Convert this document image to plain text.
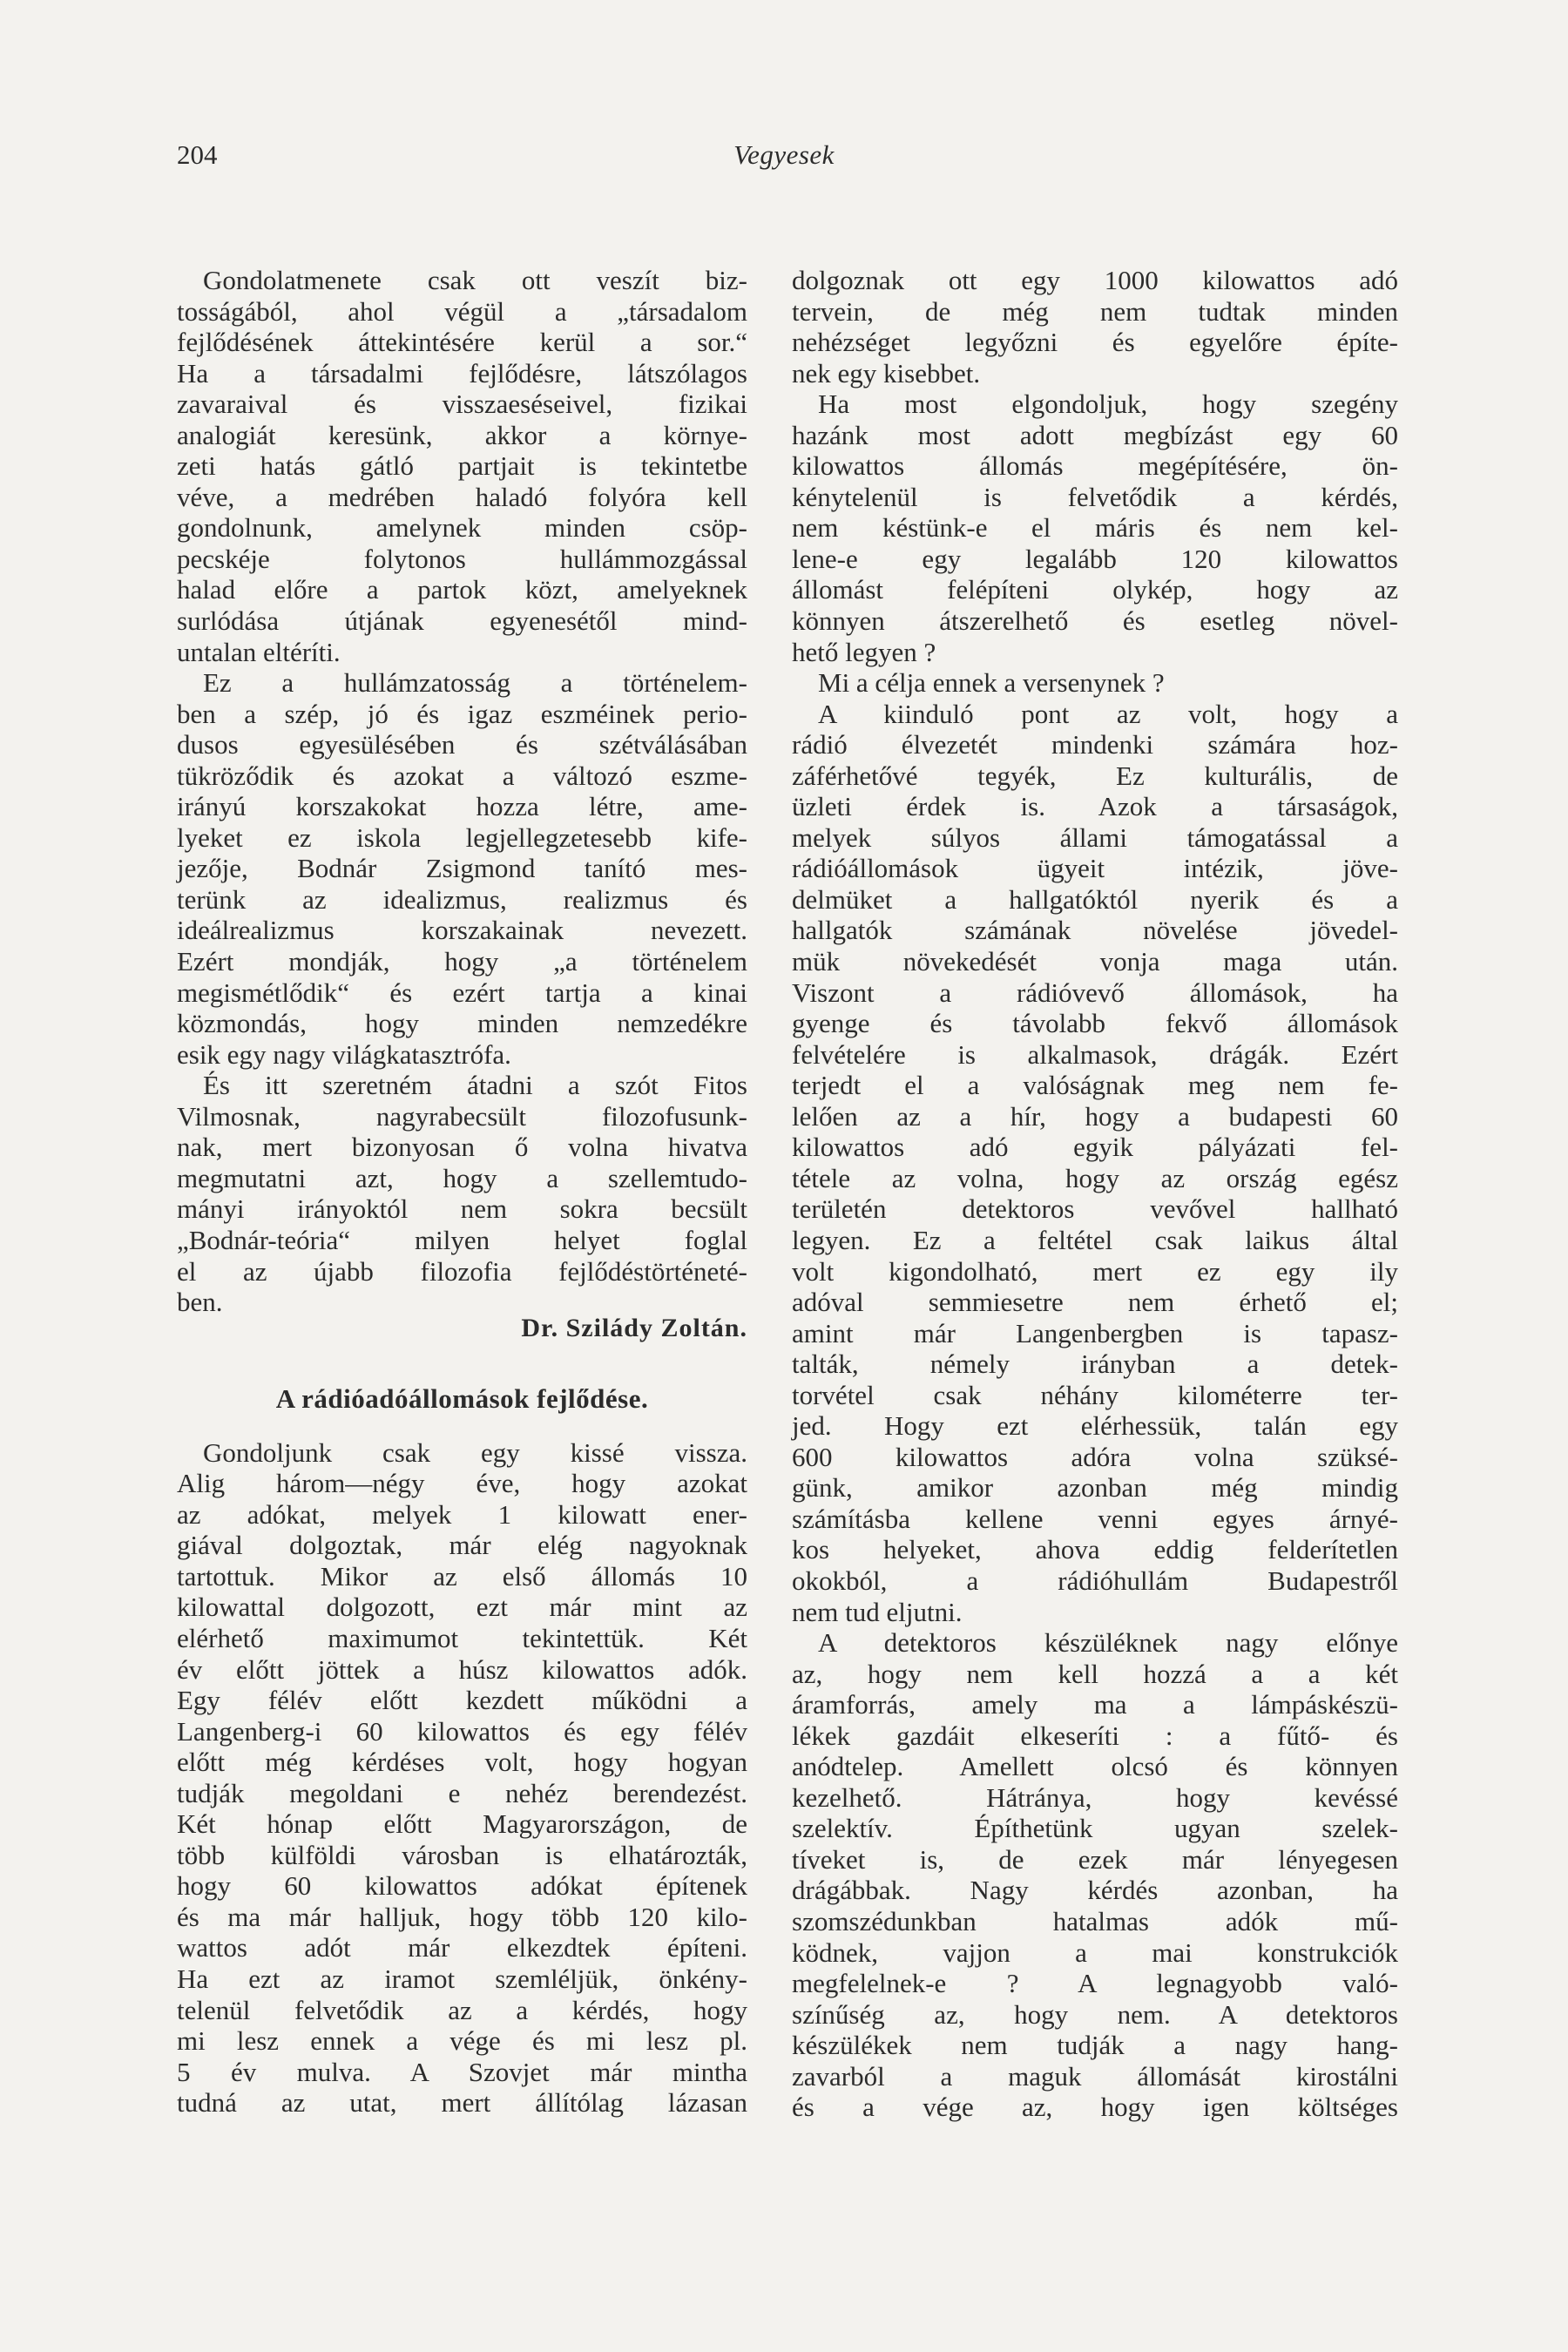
204	Vegyesek
Gondolatmenete csak ott veszít biz-
tosságából, ahol végül a „társadalom
fejlődésének áttekintésére kerül a sor.“
Ha a társadalmi fejlődésre, látszólagos
zavaraival és visszaeséseivel, fizikai
analogiát keresünk, akkor a környe-
zeti hatás gátló partjait is tekintetbe
véve, a medrében haladó folyóra kell
gondolnunk, amelynek minden csöp-
pecskéje folytonos hullámmozgással
halad előre a partok közt, amelyeknek
surlódása útjának egyenesétől mind-
untalan eltéríti.
Ez a hullámzatosság a történelem-
ben a szép, jó és igaz eszméinek perio-
dusos egyesülésében és szétválásában
tükröződik és azokat a változó eszme-
irányú korszakokat hozza létre, ame-
lyeket ez iskola legjellegzetesebb kife-
jezője, Bodnár Zsigmond tanító mes-
terünk az idealizmus, realizmus és
ideálrealizmus korszakainak nevezett.
Ezért mondják, hogy „a történelem
megismétlődik“ és ezért tartja a kinai
közmondás, hogy minden nemzedékre
esik egy nagy világkatasztrófa.
És itt szeretném átadni a szót Fitos
Vilmosnak, nagyrabecsült filozofusunk-
nak, mert bizonyosan ő volna hivatva
megmutatni azt, hogy a szellemtudo-
mányi irányoktól nem sokra becsült
„Bodnár-teória“ milyen helyet foglal
el az újabb filozofia fejlődéstörténeté-
ben.
Dr. Szilády Zoltán.
A rádióadóállomások fejlődése.
Gondoljunk csak egy kissé vissza.
Alig három—négy éve, hogy azokat
az adókat, melyek 1 kilowatt ener-
giával dolgoztak, már elég nagyoknak
tartottuk. Mikor az első állomás 10
kilowattal dolgozott, ezt már mint az
elérhető maximumot tekintettük. Két
év előtt jöttek a húsz kilowattos adók.
Egy félév előtt kezdett működni a
Langenberg-i 60 kilowattos és egy félév
előtt még kérdéses volt, hogy hogyan
tudják megoldani e nehéz berendezést.
Két hónap előtt Magyarországon, de
több külföldi városban is elhatározták,
hogy 60 kilowattos adókat építenek
és ma már halljuk, hogy több 120 kilo-
wattos adót már elkezdtek építeni.
Ha ezt az iramot szemléljük, önkény-
telenül felvetődik az a kérdés, hogy
mi lesz ennek a vége és mi lesz pl.
5 év mulva. A Szovjet már mintha
tudná az utat, mert állítólag lázasan
dolgoznak ott egy 1000 kilowattos adó
tervein, de még nem tudtak minden
nehézséget legyőzni és egyelőre építe-
nek egy kisebbet.
Ha most elgondoljuk, hogy szegény
hazánk most adott megbízást egy 60
kilowattos állomás megépítésére, ön-
kénytelenül is felvetődik a kérdés,
nem késtünk-e el máris és nem kel-
lene-e egy legalább 120 kilowattos
állomást felépíteni olykép, hogy az
könnyen átszerelhető és esetleg növel-
hető legyen ?
Mi a célja ennek a versenynek ?
A kiinduló pont az volt, hogy a
rádió élvezetét mindenki számára hoz-
záférhetővé tegyék, Ez kulturális, de
üzleti érdek is. Azok a társaságok,
melyek súlyos állami támogatással a
rádióállomások ügyeit intézik, jöve-
delmüket a hallgatóktól nyerik és a
hallgatók számának növelése jövedel-
mük növekedését vonja maga után.
Viszont a rádióvevő állomások, ha
gyenge és távolabb fekvő állomások
felvételére is alkalmasok, drágák. Ezért
terjedt el a valóságnak meg nem fe-
lelően az a hír, hogy a budapesti 60
kilowattos adó egyik pályázati fel-
tétele az volna, hogy az ország egész
területén detektoros vevővel hallható
legyen. Ez a feltétel csak laikus által
volt kigondolható, mert ez egy ily
adóval semmiesetre nem érhető el;
amint már Langenbergben is tapasz-
talták, némely irányban a detek-
torvétel csak néhány kilométerre ter-
jed. Hogy ezt elérhessük, talán egy
600 kilowattos adóra volna szüksé-
günk, amikor azonban még mindig
számításba kellene venni egyes árnyé-
kos helyeket, ahova eddig felderítetlen
okokból, a rádióhullám Budapestről
nem tud eljutni.
A detektoros készüléknek nagy előnye
az, hogy nem kell hozzá a a két
áramforrás, amely ma a lámpáskészü-
lékek gazdáit elkeseríti : a fűtő- és
anódtelep. Amellett olcsó és könnyen
kezelhető. Hátránya, hogy kevéssé
szelektív. Építhetünk ugyan szelek-
tíveket is, de ezek már lényegesen
drágábbak. Nagy kérdés azonban, ha
szomszédunkban hatalmas adók mű-
ködnek, vajjon a mai konstrukciók
megfelelnek-e ? A legnagyobb való-
színűség az, hogy nem. A detektoros
készülékek nem tudják a nagy hang-
zavarból a maguk állomását kirostálni
és a vége az, hogy igen költséges
